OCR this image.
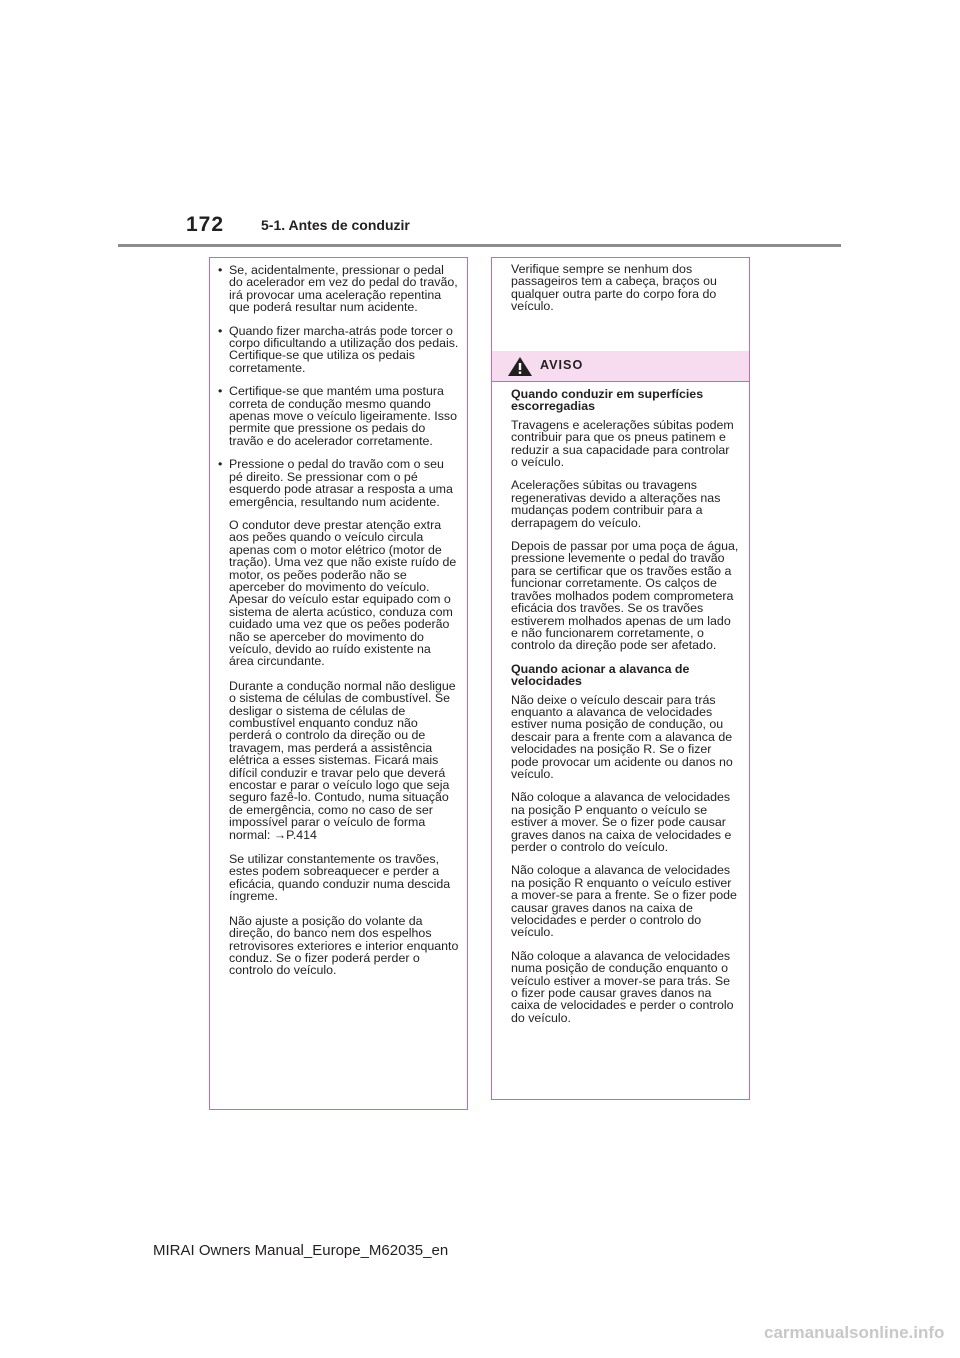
172	5-1. Antes de conduzir
• Se, acidentalmente, pressionar o pedal do acelerador em vez do pedal do travão, irá provocar uma aceleração repentina que poderá resultar num acidente.
• Quando fizer marcha-atrás pode torcer o corpo dificultando a utilização dos pedais. Certifique-se que utiliza os pedais corretamente.
• Certifique-se que mantém uma postura correta de condução mesmo quando apenas move o veículo ligeiramente. Isso permite que pressione os pedais do travão e do acelerador corretamente.
• Pressione o pedal do travão com o seu pé direito. Se pressionar com o pé esquerdo pode atrasar a resposta a uma emergência, resultando num acidente.
O condutor deve prestar atenção extra aos peões quando o veículo circula apenas com o motor elétrico (motor de tração). Uma vez que não existe ruído de motor, os peões poderão não se aperceber do movimento do veículo. Apesar do veículo estar equipado com o sistema de alerta acústico, conduza com cuidado uma vez que os peões poderão não se aperceber do movimento do veículo, devido ao ruído existente na área circundante.
Durante a condução normal não desligue o sistema de células de combustível. Se desligar o sistema de células de combustível enquanto conduz não perderá o controlo da direção ou de travagem, mas perderá a assistência elétrica a esses sistemas. Ficará mais difícil conduzir e travar pelo que deverá encostar e parar o veículo logo que seja seguro fazê-lo. Contudo, numa situação de emergência, como no caso de ser impossível parar o veículo de forma normal: →P.414
Se utilizar constantemente os travões, estes podem sobreaquecer e perder a eficácia, quando conduzir numa descida íngreme.
Não ajuste a posição do volante da direção, do banco nem dos espelhos retrovisores exteriores e interior enquanto conduz. Se o fizer poderá perder o controlo do veículo.
Verifique sempre se nenhum dos passageiros tem a cabeça, braços ou qualquer outra parte do corpo fora do veículo.
AVISO
Quando conduzir em superfícies escorregadias
Travagens e acelerações súbitas podem contribuir para que os pneus patinem e reduzir a sua capacidade para controlar o veículo.
Acelerações súbitas ou travagens regenerativas devido a alterações nas mudanças podem contribuir para a derrapagem do veículo.
Depois de passar por uma poça de água, pressione levemente o pedal do travão para se certificar que os travões estão a funcionar corretamente. Os calços de travões molhados podem comprometera eficácia dos travões. Se os travões estiverem molhados apenas de um lado e não funcionarem corretamente, o controlo da direção pode ser afetado.
Quando acionar a alavanca de velocidades
Não deixe o veículo descair para trás enquanto a alavanca de velocidades estiver numa posição de condução, ou descair para a frente com a alavanca de velocidades na posição R. Se o fizer pode provocar um acidente ou danos no veículo.
Não coloque a alavanca de velocidades na posição P enquanto o veículo se estiver a mover. Se o fizer pode causar graves danos na caixa de velocidades e perder o controlo do veículo.
Não coloque a alavanca de velocidades na posição R enquanto o veículo estiver a mover-se para a frente. Se o fizer pode causar graves danos na caixa de velocidades e perder o controlo do veículo.
Não coloque a alavanca de velocidades numa posição de condução enquanto o veículo estiver a mover-se para trás. Se o fizer pode causar graves danos na caixa de velocidades e perder o controlo do veículo.
MIRAI Owners Manual_Europe_M62035_en
carmanualsonline.info
